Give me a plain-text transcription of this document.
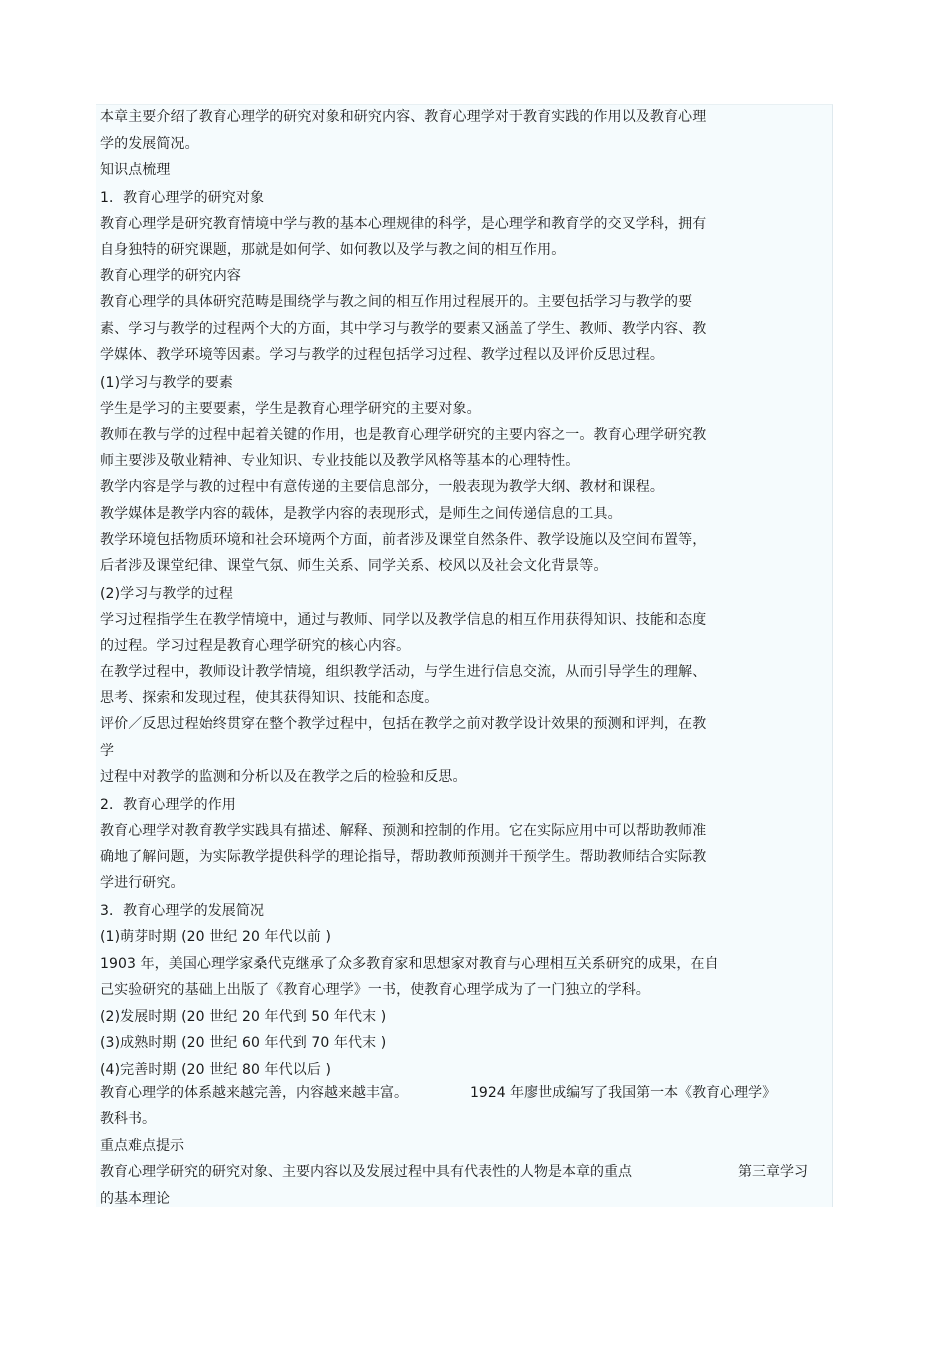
本章主要介绍了教育心理学的研究对象和研究内容、教育心理学对于教育实践的作用以及教育心理
学的发展简况。
知识点梳理
1．教育心理学的研究对象
教育心理学是研究教育情境中学与教的基本心理规律的科学，是心理学和教育学的交叉学科，拥有
自身独特的研究课题，那就是如何学、如何教以及学与教之间的相互作用。
教育心理学的研究内容
教育心理学的具体研究范畴是围绕学与教之间的相互作用过程展开的。主要包括学习与教学的要
素、学习与教学的过程两个大的方面，其中学习与教学的要素又涵盖了学生、教师、教学内容、教
学媒体、教学环境等因素。学习与教学的过程包括学习过程、教学过程以及评价反思过程。
(1)学习与教学的要素
学生是学习的主要要素，学生是教育心理学研究的主要对象。
教师在教与学的过程中起着关键的作用，也是教育心理学研究的主要内容之一。教育心理学研究教
师主要涉及敬业精神、专业知识、专业技能以及教学风格等基本的心理特性。
教学内容是学与教的过程中有意传递的主要信息部分，一般表现为教学大纲、教材和课程。
教学媒体是教学内容的载体，是教学内容的表现形式，是师生之间传递信息的工具。
教学环境包括物质环境和社会环境两个方面，前者涉及课堂自然条件、教学设施以及空间布置等，
后者涉及课堂纪律、课堂气氛、师生关系、同学关系、校风以及社会文化背景等。
(2)学习与教学的过程
学习过程指学生在教学情境中，通过与教师、同学以及教学信息的相互作用获得知识、技能和态度
的过程。学习过程是教育心理学研究的核心内容。
在教学过程中，教师设计教学情境，组织教学活动，与学生进行信息交流，从而引导学生的理解、
思考、探索和发现过程，使其获得知识、技能和态度。
评价／反思过程始终贯穿在整个教学过程中，包括在教学之前对教学设计效果的预测和评判，在教
学
过程中对教学的监测和分析以及在教学之后的检验和反思。
2．教育心理学的作用
教育心理学对教育教学实践具有描述、解释、预测和控制的作用。它在实际应用中可以帮助教师准
确地了解问题，为实际教学提供科学的理论指导，帮助教师预测并干预学生。帮助教师结合实际教
学进行研究。
3．教育心理学的发展简况
(1)萌芽时期 (20 世纪 20 年代以前 )
1903 年，美国心理学家桑代克继承了众多教育家和思想家对教育与心理相互关系研究的成果，在自
己实验研究的基础上出版了《教育心理学》一书，使教育心理学成为了一门独立的学科。
(2)发展时期 (20 世纪 20 年代到 50 年代末 )
(3)成熟时期 (20 世纪 60 年代到 70 年代末 )
(4)完善时期 (20 世纪 80 年代以后 )
教育心理学的体系越来越完善，内容越来越丰富。	1924 年廖世成编写了我国第一本《教育心理学》
教科书。
重点难点提示
教育心理学研究的研究对象、主要内容以及发展过程中具有代表性的人物是本章的重点	第三章学习
的基本理论
